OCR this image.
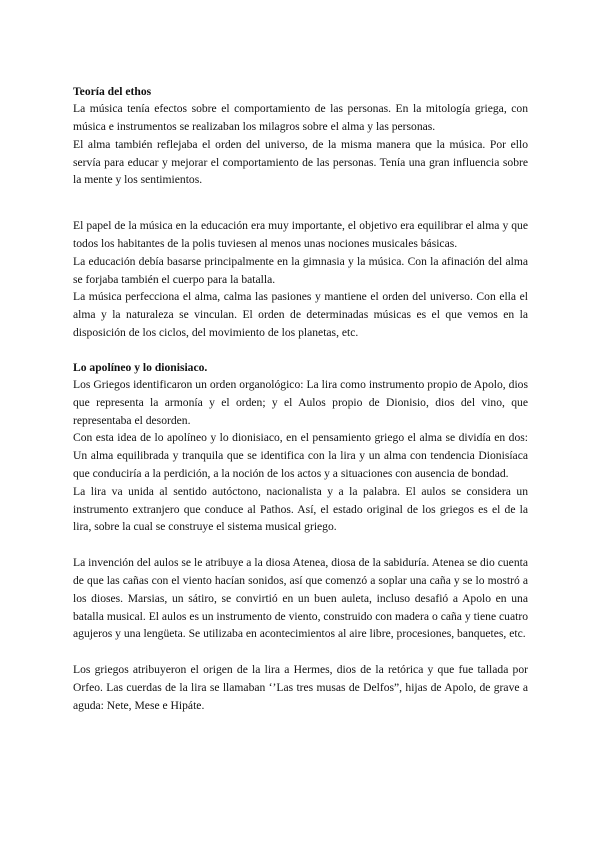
Teoría del ethos

La música tenía efectos sobre el comportamiento de las personas. En la mitología griega, con música e instrumentos se realizaban los milagros sobre el alma y las personas.

El alma también reflejaba el orden del universo, de la misma manera que la música. Por ello servía para educar y mejorar el comportamiento de las personas. Tenía una gran influencia sobre la mente y los sentimientos.

El papel de la música en la educación era muy importante, el objetivo era equilibrar el alma y que todos los habitantes de la polis tuviesen al menos unas nociones musicales básicas.

La educación debía basarse principalmente en la gimnasia y la música. Con la afinación del alma se forjaba también el cuerpo para la batalla.

La música perfecciona el alma, calma las pasiones y mantiene el orden del universo. Con ella el alma y la naturaleza se vinculan. El orden de determinadas músicas es el que vemos en la disposición de los ciclos, del movimiento de los planetas, etc.

Lo apolíneo y lo dionisiaco.

Los Griegos identificaron un orden organológico: La lira como instrumento propio de Apolo, dios que representa la armonía y el orden; y el Aulos propio de Dionisio, dios del vino, que representaba el desorden.

Con esta idea de lo apolíneo y lo dionisiaco, en el pensamiento griego el alma se dividía en dos: Un alma equilibrada y tranquila que se identifica con la lira y un alma con tendencia Dionisíaca que conduciría a la perdición, a la noción de los actos y a situaciones con ausencia de bondad.

La lira va unida al sentido autóctono, nacionalista y a la palabra. El aulos se considera un instrumento extranjero que conduce al Pathos. Así, el estado original de los griegos es el de la lira, sobre la cual se construye el sistema musical griego.

La invención del aulos se le atribuye a la diosa Atenea, diosa de la sabiduría. Atenea se dio cuenta de que las cañas con el viento hacían sonidos, así que comenzó a soplar una caña y se lo mostró a los dioses. Marsias, un sátiro, se convirtió en un buen auleta, incluso desafió a Apolo en una batalla musical. El aulos es un instrumento de viento, construido con madera o caña y tiene cuatro agujeros y una lengüeta. Se utilizaba en acontecimientos al aire libre, procesiones, banquetes, etc.

Los griegos atribuyeron el origen de la lira a Hermes, dios de la retórica y que fue tallada por Orfeo. Las cuerdas de la lira se llamaban ‘’Las tres musas de Delfos”, hijas de Apolo, de grave a aguda: Nete, Mese e Hipáte.
